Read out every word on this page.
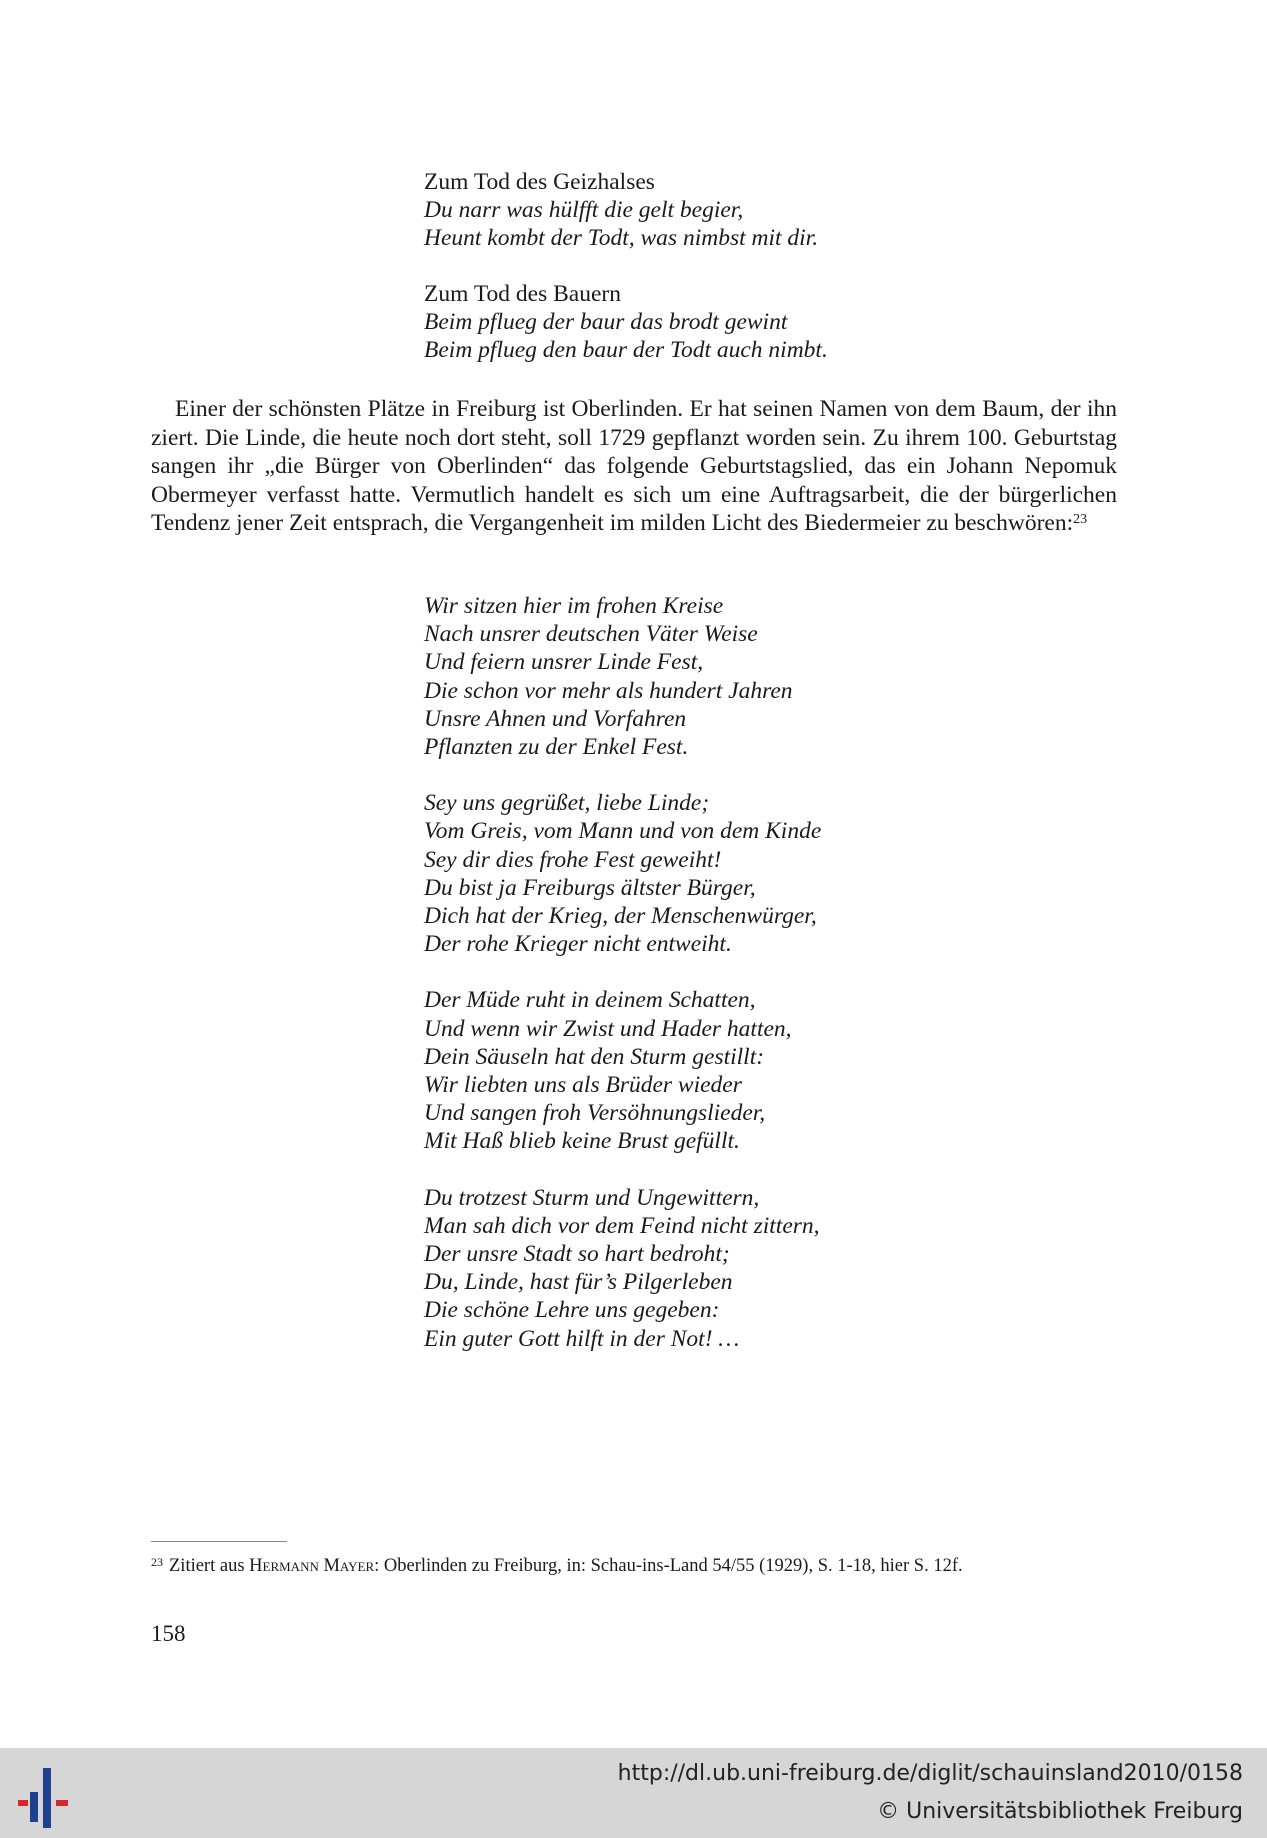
Zum Tod des Geizhalses
Du narr was hülfft die gelt begier,
Heunt kombt der Todt, was nimbst mit dir.
Zum Tod des Bauern
Beim pflueg der baur das brodt gewint
Beim pflueg den baur der Todt auch nimbt.

Einer der schönsten Plätze in Freiburg ist Oberlinden. Er hat seinen Namen von dem Baum, der ihn ziert. Die Linde, die heute noch dort steht, soll 1729 gepflanzt worden sein. Zu ihrem 100. Geburtstag sangen ihr „die Bürger von Oberlinden“ das folgende Geburtstagslied, das ein Johann Nepomuk Obermeyer verfasst hatte. Vermutlich handelt es sich um eine Auftragsarbeit, die der bürgerlichen Tendenz jener Zeit entsprach, die Vergangenheit im milden Licht des Biedermeier zu beschwören:$^{23}$

Wir sitzen hier im frohen Kreise
Nach unsrer deutschen Väter Weise
Und feiern unsrer Linde Fest,
Die schon vor mehr als hundert Jahren
Unsre Ahnen und Vorfahren
Pflanzten zu der Enkel Fest.
Sey uns gegrüßet, liebe Linde;
Vom Greis, vom Mann und von dem Kinde
Sey dir dies frohe Fest geweiht!
Du bist ja Freiburgs ältster Bürger,
Dich hat der Krieg, der Menschenwürger,
Der rohe Krieger nicht entweiht.
Der Müde ruht in deinem Schatten,
Und wenn wir Zwist und Hader hatten,
Dein Säuseln hat den Sturm gestillt:
Wir liebten uns als Brüder wieder
Und sangen froh Versöhnungslieder,
Mit Haß blieb keine Brust gefüllt.
Du trotzest Sturm und Ungewittern,
Man sah dich vor dem Feind nicht zittern,
Der unsre Stadt so hart bedroht;
Du, Linde, hast für’s Pilgerleben
Die schöne Lehre uns gegeben:
Ein guter Gott hilft in der Not! …
$^{23}$ Zitiert aus Hermann Mayer: Oberlinden zu Freiburg, in: Schau-ins-Land 54/55 (1929), S. 1-18, hier S. 12f.
158
http://dl.ub.uni-freiburg.de/diglit/schauinsland2010/0158
© Universitätsbibliothek Freiburg
